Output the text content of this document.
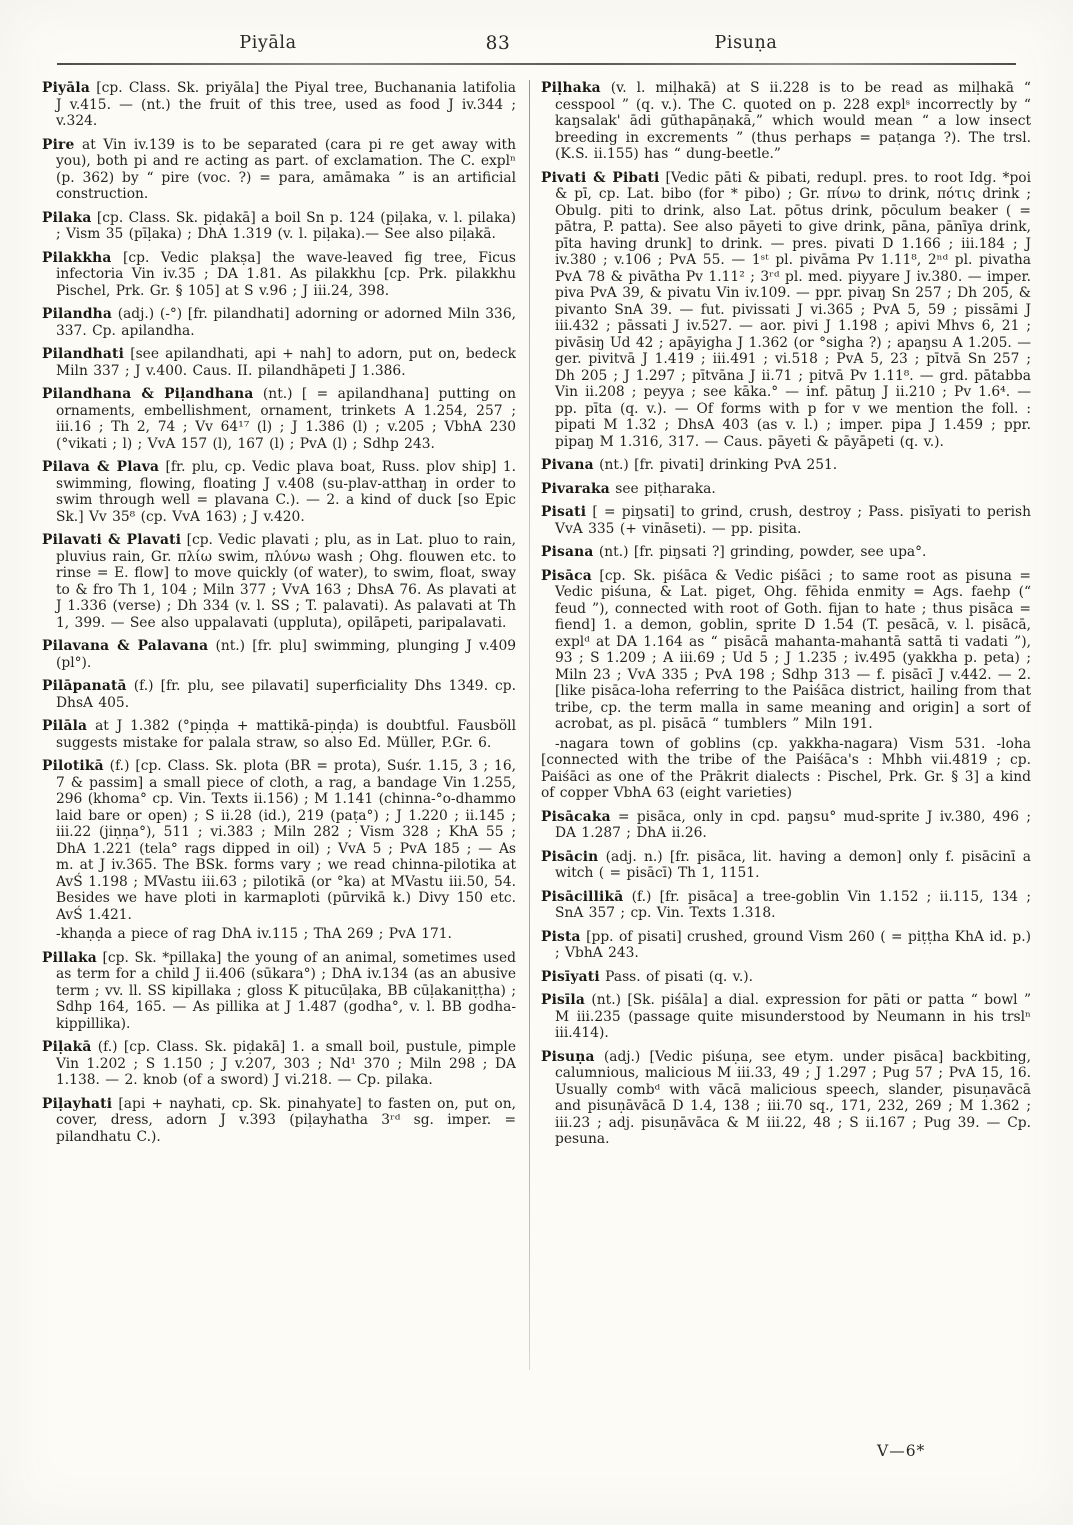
Piyāla	83	Pisuṇa

Piyāla [cp. Class. Sk. priyāla] the Piyal tree, Buchanania latifolia J v.415. — (nt.) the fruit of this tree, used as food J iv.344 ; v.324.

Pire at Vin iv.139 is to be separated (cara pi re get away with you), both pi and re acting as part. of exclamation. The C. explⁿ (p. 362) by “ pire (voc. ?) = para, amāmaka ” is an artificial construction.

Pilaka [cp. Class. Sk. piḍakā] a boil Sn p. 124 (piḷaka, v. l. pilaka) ; Vism 35 (pīḷaka) ; DhA 1.319 (v. l. piḷaka).— See also piḷakā.

Pilakkha [cp. Vedic plakṣa] the wave-leaved fig tree, Ficus infectoria Vin iv.35 ; DA 1.81. As pilakkhu [cp. Prk. pilakkhu Pischel, Prk. Gr. § 105] at S v.96 ; J iii.24, 398.

Pilandha (adj.) (-°) [fr. pilandhati] adorning or adorned Miln 336, 337. Cp. apilandha.

Pilandhati [see apilandhati, api + nah] to adorn, put on, bedeck Miln 337 ; J v.400. Caus. II. pilandhāpeti J 1.386.

Pilandhana & Piḷandhana (nt.) [ = apilandhana] putting on ornaments, embellishment, ornament, trinkets A 1.254, 257 ; iii.16 ; Th 2, 74 ; Vv 64¹⁷ (l) ; J 1.386 (l) ; v.205 ; VbhA 230 (°vikati ; l) ; VvA 157 (l), 167 (l) ; PvA (l) ; Sdhp 243.

Pilava & Plava [fr. plu, cp. Vedic plava boat, Russ. plov ship] 1. swimming, flowing, floating J v.408 (su-plav-atthaŋ in order to swim through well = plavana C.). — 2. a kind of duck [so Epic Sk.] Vv 35⁸ (cp. VvA 163) ; J v.420.

Pilavati & Plavati [cp. Vedic plavati ; plu, as in Lat. pluo to rain, pluvius rain, Gr. πλίω swim, πλύνω wash ; Ohg. flouwen etc. to rinse = E. flow] to move quickly (of water), to swim, float, sway to & fro Th 1, 104 ; Miln 377 ; VvA 163 ; DhsA 76. As plavati at J 1.336 (verse) ; Dh 334 (v. l. SS ; T. palavati). As palavati at Th 1, 399. — See also uppalavati (uppluta), opilāpeti, paripalavati.

Pilavana & Palavana (nt.) [fr. plu] swimming, plunging J v.409 (pl°).

Pilāpanatā (f.) [fr. plu, see pilavati] superficiality Dhs 1349. cp. DhsA 405.

Pilāla at J 1.382 (°piṇḍa + mattikā-piṇḍa) is doubtful. Fausböll suggests mistake for palala straw, so also Ed. Müller, P.Gr. 6.

Pilotikā (f.) [cp. Class. Sk. plota (BR = prota), Suśr. 1.15, 3 ; 16, 7 & passim] a small piece of cloth, a rag, a bandage Vin 1.255, 296 (khoma° cp. Vin. Texts ii.156) ; M 1.141 (chinna-°o-dhammo laid bare or open) ; S ii.28 (id.), 219 (paṭa°) ; J 1.220 ; ii.145 ; iii.22 (jiṇṇa°), 511 ; vi.383 ; Miln 282 ; Vism 328 ; KhA 55 ; DhA 1.221 (tela° rags dipped in oil) ; VvA 5 ; PvA 185 ; — As m. at J iv.365. The BSk. forms vary ; we read chinna-pilotika at AvŚ 1.198 ; MVastu iii.63 ; pilotikā (or °ka) at MVastu iii.50, 54. Besides we have ploti in karmaploti (pūrvikā k.) Divy 150 etc. AvŚ 1.421.

-khaṇḍa a piece of rag DhA iv.115 ; ThA 269 ; PvA 171.

Pillaka [cp. Sk. *pillaka] the young of an animal, sometimes used as term for a child J ii.406 (sūkara°) ; DhA iv.134 (as an abusive term ; vv. ll. SS kipillaka ; gloss K pitucūḷaka, BB cūḷakaniṭṭha) ; Sdhp 164, 165. — As pillika at J 1.487 (godha°, v. l. BB godha-kippillika).

Piḷakā (f.) [cp. Class. Sk. piḍakā] 1. a small boil, pustule, pimple Vin 1.202 ; S 1.150 ; J v.207, 303 ; Nd¹ 370 ; Miln 298 ; DA 1.138. — 2. knob (of a sword) J vi.218. — Cp. pilaka.

Piḷayhati [api + nayhati, cp. Sk. pinahyate] to fasten on, put on, cover, dress, adorn J v.393 (piḷayhatha 3ʳᵈ sg. imper. = pilandhatu C.).

Piḷhaka (v. l. miḷhakā) at S ii.228 is to be read as miḷhakā “ cesspool ” (q. v.). The C. quoted on p. 228 explˢ incorrectly by “ kaŋsalak' ādi gūthapāṇakā,” which would mean “ a low insect breeding in excrements ” (thus perhaps = paṭanga ?). The trsl. (K.S. ii.155) has “ dung-beetle.”

Pivati & Pibati [Vedic pāti & pibati, redupl. pres. to root Idg. *poi & pī, cp. Lat. bibo (for * pibo) ; Gr. πίνω to drink, πότις drink ; Obulg. piti to drink, also Lat. pōtus drink, pōculum beaker ( = pātra, P. patta). See also pāyeti to give drink, pāna, pānīya drink, pīta having drunk] to drink. — pres. pivati D 1.166 ; iii.184 ; J iv.380 ; v.106 ; PvA 55. — 1ˢᵗ pl. pivāma Pv 1.11⁸, 2ⁿᵈ pl. pivatha PvA 78 & pivātha Pv 1.11² ; 3ʳᵈ pl. med. piyyare J iv.380. — imper. piva PvA 39, & pivatu Vin iv.109. — ppr. pivaŋ Sn 257 ; Dh 205, & pivanto SnA 39. — fut. pivissati J vi.365 ; PvA 5, 59 ; pissāmi J iii.432 ; pāssati J iv.527. — aor. pivi J 1.198 ; apivi Mhvs 6, 21 ; pivāsiŋ Ud 42 ; apāyigha J 1.362 (or °sigha ?) ; apaŋsu A 1.205. — ger. pivitvā J 1.419 ; iii.491 ; vi.518 ; PvA 5, 23 ; pītvā Sn 257 ; Dh 205 ; J 1.297 ; pītvāna J ii.71 ; pitvā Pv 1.11⁸. — grd. pātabba Vin ii.208 ; peyya ; see kāka.° — inf. pātuŋ J ii.210 ; Pv 1.6⁴. — pp. pīta (q. v.). — Of forms with p for v we mention the foll. : pipati M 1.32 ; DhsA 403 (as v. l.) ; imper. pipa J 1.459 ; ppr. pipaŋ M 1.316, 317. — Caus. pāyeti & pāyāpeti (q. v.).

Pivana (nt.) [fr. pivati] drinking PvA 251.

Pivaraka see piṭharaka.

Pisati [ = piŋsati] to grind, crush, destroy ; Pass. pisīyati to perish VvA 335 (+ vināseti). — pp. pisita.

Pisana (nt.) [fr. piŋsati ?] grinding, powder, see upa°.

Pisāca [cp. Sk. piśāca & Vedic piśāci ; to same root as pisuna = Vedic piśuna, & Lat. piget, Ohg. fēhida enmity = Ags. faehp (“ feud ”), connected with root of Goth. fijan to hate ; thus pisāca = fiend] 1. a demon, goblin, sprite D 1.54 (T. pesācā, v. l. pisācā, explᵈ at DA 1.164 as “ pisācā mahanta-mahantā sattā ti vadati ”), 93 ; S 1.209 ; A iii.69 ; Ud 5 ; J 1.235 ; iv.495 (yakkha p. peta) ; Miln 23 ; VvA 335 ; PvA 198 ; Sdhp 313 — f. pisācī J v.442. — 2. [like pisāca-loha referring to the Paiśāca district, hailing from that tribe, cp. the term malla in same meaning and origin] a sort of acrobat, as pl. pisācā “ tumblers ” Miln 191.

-nagara town of goblins (cp. yakkha-nagara) Vism 531. -loha [connected with the tribe of the Paiśāca's : Mhbh vii.4819 ; cp. Paiśāci as one of the Prākrit dialects : Pischel, Prk. Gr. § 3] a kind of copper VbhA 63 (eight varieties)

Pisācaka = pisāca, only in cpd. paŋsu° mud-sprite J iv.380, 496 ; DA 1.287 ; DhA ii.26.

Pisācin (adj. n.) [fr. pisāca, lit. having a demon] only f. pisācinī a witch ( = pisācī) Th 1, 1151.

Pisācillikā (f.) [fr. pisāca] a tree-goblin Vin 1.152 ; ii.115, 134 ; SnA 357 ; cp. Vin. Texts 1.318.

Pista [pp. of pisati] crushed, ground Vism 260 ( = piṭṭha KhA id. p.) ; VbhA 243.

Pisīyati Pass. of pisati (q. v.).

Pisīla (nt.) [Sk. piśāla] a dial. expression for pāti or patta “ bowl ” M iii.235 (passage quite misunderstood by Neumann in his trslⁿ iii.414).

Pisuṇa (adj.) [Vedic piśuṇa, see etym. under pisāca] backbiting, calumnious, malicious M iii.33, 49 ; J 1.297 ; Pug 57 ; PvA 15, 16. Usually combᵈ with vācā malicious speech, slander, pisuṇavācā and pisuṇāvācā D 1.4, 138 ; iii.70 sq., 171, 232, 269 ; M 1.362 ; iii.23 ; adj. pisuṇāvāca & M iii.22, 48 ; S ii.167 ; Pug 39. — Cp. pesuna.

V—6*
